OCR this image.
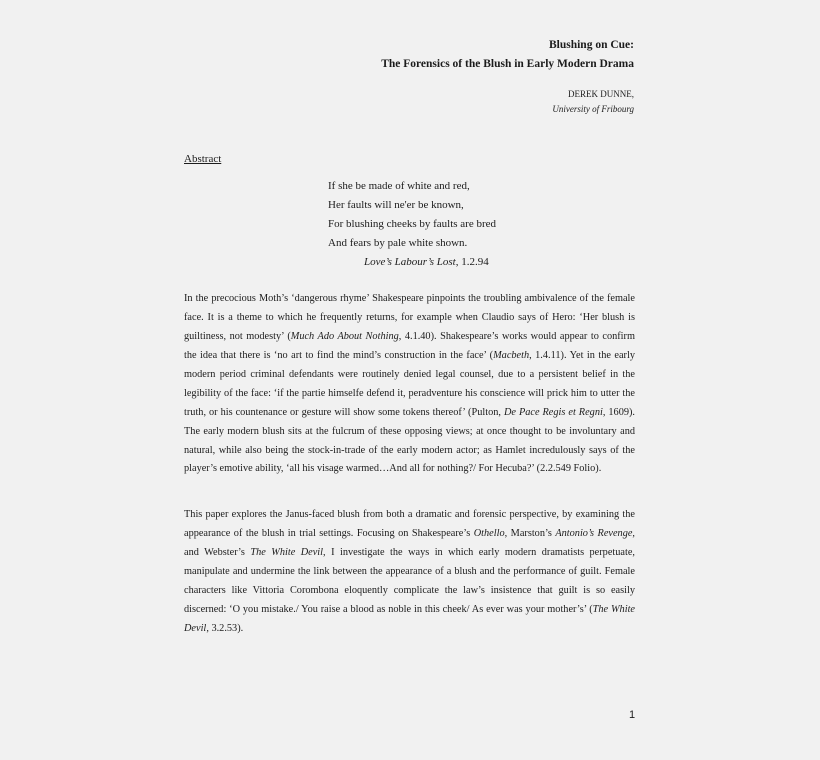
Blushing on Cue:
The Forensics of the Blush in Early Modern Drama
DEREK DUNNE,
University of Fribourg
Abstract
If she be made of white and red,
Her faults will ne'er be known,
For blushing cheeks by faults are bred
And fears by pale white shown.
Love’s Labour’s Lost, 1.2.94

In the precocious Moth’s ‘dangerous rhyme’ Shakespeare pinpoints the troubling ambivalence of the female face. It is a theme to which he frequently returns, for example when Claudio says of Hero: ‘Her blush is guiltiness, not modesty’ (Much Ado About Nothing, 4.1.40). Shakespeare’s works would appear to confirm the idea that there is ‘no art to find the mind’s construction in the face’ (Macbeth, 1.4.11). Yet in the early modern period criminal defendants were routinely denied legal counsel, due to a persistent belief in the legibility of the face: ‘if the partie himselfe defend it, peradventure his conscience will prick him to utter the truth, or his countenance or gesture will show some tokens thereof’ (Pulton, De Pace Regis et Regni, 1609). The early modern blush sits at the fulcrum of these opposing views; at once thought to be involuntary and natural, while also being the stock-in-trade of the early modern actor; as Hamlet incredulously says of the player’s emotive ability, ‘all his visage warmed…And all for nothing?/ For Hecuba?’ (2.2.549 Folio).

This paper explores the Janus-faced blush from both a dramatic and forensic perspective, by examining the appearance of the blush in trial settings. Focusing on Shakespeare’s Othello, Marston’s Antonio’s Revenge, and Webster’s The White Devil, I investigate the ways in which early modern dramatists perpetuate, manipulate and undermine the link between the appearance of a blush and the performance of guilt. Female characters like Vittoria Corombona eloquently complicate the law’s insistence that guilt is so easily discerned: ‘O you mistake./ You raise a blood as noble in this cheek/ As ever was your mother’s’ (The White Devil, 3.2.53).

1
